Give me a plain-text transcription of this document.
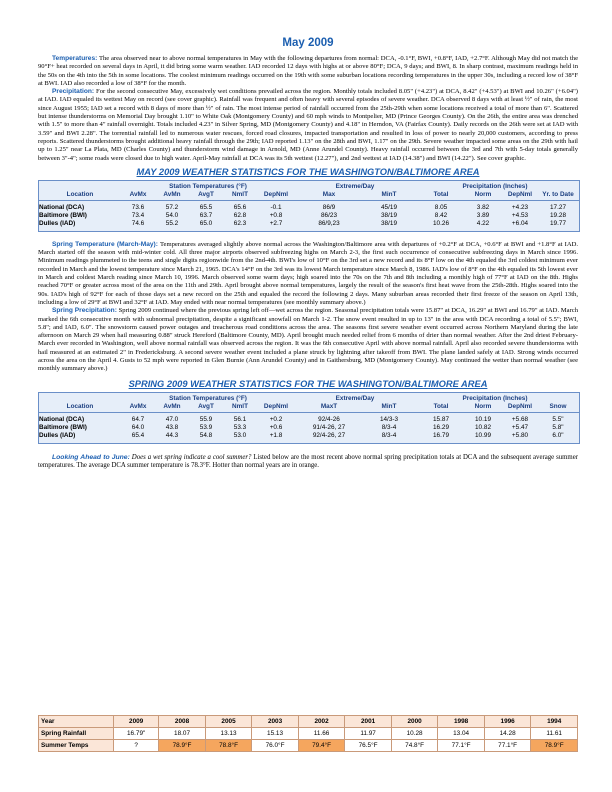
May 2009

Temperatures: The area observed near to above normal temperatures in May with the following departures from normal: DCA, -0.1°F, BWI, +0.8°F, IAD, +2.7°F. Although May did not match the 90°F+ heat recorded on several days in April, it did bring some warm weather. IAD recorded 12 days with highs at or above 80°F; DCA, 9 days; and BWI, 8. In sharp contrast, maximum readings held in the 50s on the 4th into the 5th in some locations. The coolest minimum readings occurred on the 19th with some suburban locations recording temperatures in the upper 30s, including a record low of 38°F at BWI. IAD also recorded a low of 38°F for the month.

Precipitation: For the second consecutive May, excessively wet conditions prevailed across the region. Monthly totals included 8.05" (+4.23") at DCA, 8.42" (+4.53") at BWI and 10.26" (+6.04") at IAD. IAD equaled its wettest May on record (see cover graphic). Rainfall was frequent and often heavy with several episodes of severe weather. DCA observed 8 days with at least ½" of rain, the most since August 1955; IAD set a record with 8 days of more than ½" of rain. The most intense period of rainfall occurred from the 25th-29th when some locations received a total of more than 6". Scattered but intense thunderstorms on Memorial Day brought 1.10" to White Oak (Montgomery County) and 60 mph winds to Montpelier, MD (Prince Georges County). On the 26th, the entire area was drenched with 1.5" to more than 4" rainfall overnight. Totals included 4.23" in Silver Spring, MD (Montgomery County) and 4.18" in Herndon, VA (Fairfax County). Daily records on the 26th were set at IAD with 3.59" and BWI 2.28". The torrential rainfall led to numerous water rescues, forced road closures, impacted transportation and resulted in loss of power to nearly 20,000 customers, according to press reports. Scattered thunderstorms brought additional heavy rainfall through the 29th; IAD reported 1.13" on the 28th and BWI, 1.17" on the 29th. Severe weather impacted some areas on the 29th with hail up to 1.25" near La Plata, MD (Charles County) and thunderstorm wind damage in Arnold, MD (Anne Arundel County). Heavy rainfall occurred between the 3rd and 7th with 5-day totals generally between 3"-4"; some roads were closed due to high water. April-May rainfall at DCA was its 5th wettest (12.27"), and 2nd wettest at IAD (14.38") and BWI (14.22"). See cover graphic.

MAY 2009 WEATHER STATISTICS FOR THE WASHINGTON/BALTIMORE AREA
Station Temperatures (°F)	Extreme/Day	Precipitation (Inches)
Location	AvMx	AvMn	AvgT	NmlT	DepNml	Max	MinT	Total	Norm	DepNml	Yr. to Date
National (DCA)	73.6	57.2	65.5	65.6	-0.1	86/9	45/19	8.05	3.82	+4.23	17.27
Baltimore (BWI)	73.4	54.0	63.7	62.8	+0.8	86/23	38/19	8.42	3.89	+4.53	19.28
Dulles (IAD)	74.6	55.2	65.0	62.3	+2.7	86/9,23	38/19	10.26	4.22	+6.04	19.77

Spring Temperature (March-May): Temperatures averaged slightly above normal across the Washington/Baltimore area with departures of +0.2°F at DCA, +0.6°F at BWI and +1.8°F at IAD. March started off the season with mid-winter cold. All three major airports observed subfreezing highs on March 2-3, the first such occurrence of consecutive subfreezing days in March since 1996. Minimum readings plummeted to the teens and single digits regionwide from the 2nd-4th. BWI's low of 10°F on the 3rd set a new record and its 8°F low on the 4th equaled the 3rd coldest minimum ever recorded in March and the lowest temperature since March 21, 1965. DCA's 14°F on the 3rd was its lowest March temperature since March 8, 1986. IAD's low of 8°F on the 4th equaled its 5th lowest ever in March and coldest March reading since March 10, 1996. March observed some warm days; high soared into the 70s on the 7th and 8th including a monthly high of 77°F at IAD on the 8th. Highs reached 70°F or greater across most of the area on the 11th and 29th. April brought above normal temperatures, largely the result of the season's first heat wave from the 25th-28th. Highs soared into the 90s. IAD's high of 92°F for each of those days set a new record on the 25th and equaled the record the following 2 days. Many suburban areas recorded their first freeze of the season on April 13th, including a low of 29°F at BWI and 32°F at IAD. May ended with near normal temperatures (see monthly summary above.)

Spring Precipitation: Spring 2009 continued where the previous spring left off—wet across the region. Seasonal precipitation totals were 15.87" at DCA, 16.29" at BWI and 16.79" at IAD. March marked the 6th consecutive month with subnormal precipitation, despite a significant snowfall on March 1-2. The snow event resulted in up to 13" in the area with DCA recording a total of 5.5"; BWI, 5.8"; and IAD, 6.0". The snowstorm caused power outages and treacherous road conditions across the area. The seasons first severe weather event occurred across Northern Maryland during the late afternoon on March 29 when hail measuring 0.88" struck Hereford (Baltimore County, MD). April brought much needed relief from 6 months of drier than normal weather. After the 2nd driest February-March ever recorded in Washington, well above normal rainfall was observed across the region. It was the 6th consecutive April with above normal rainfall. April also recorded severe thunderstorms with hail measured at an estimated 2" in Fredericksburg. A second severe weather event included a plane struck by lightning after takeoff from BWI. The plane landed safely at IAD. Strong winds occurred across the area on the April 4. Gusts to 52 mph were reported in Glen Burnie (Ann Arundel County) and in Gaithersburg, MD (Montgomery County). May continued the wetter than normal weather (see monthly summary above.)

SPRING 2009 WEATHER STATISTICS FOR THE WASHINGTON/BALTIMORE AREA
Station Temperatures (°F)	Extreme/Day	Precipitation (Inches)
Location	AvMx	AvMn	AvgT	NmlT	DepNml	MaxT	MinT	Total	Norm	DepNml	Snow
National (DCA)	64.7	47.0	55.9	56.1	+0.2	92/4-26	14/3-3	15.87	10.19	+5.68	5.5"
Baltimore (BWI)	64.0	43.8	53.9	53.3	+0.6	91/4-26, 27	8/3-4	16.29	10.82	+5.47	5.8"
Dulles (IAD)	65.4	44.3	54.8	53.0	+1.8	92/4-26, 27	8/3-4	16.79	10.99	+5.80	6.0"

Looking Ahead to June: Does a wet spring indicate a cool summer? Listed below are the most recent above normal spring precipitation totals at DCA and the subsequent average summer temperatures. The average DCA summer temperature is 78.3°F. Hotter than normal years are in orange.

Year	2009	2008	2005	2003	2002	2001	2000	1998	1996	1994
Spring Rainfall	16.79"	18.07	13.13	15.13	11.66	11.97	10.28	13.04	14.28	11.61
Summer Temps	?	78.9°F	78.8°F	76.0°F	79.4°F	76.5°F	74.8°F	77.1°F	77.1°F	78.9°F
